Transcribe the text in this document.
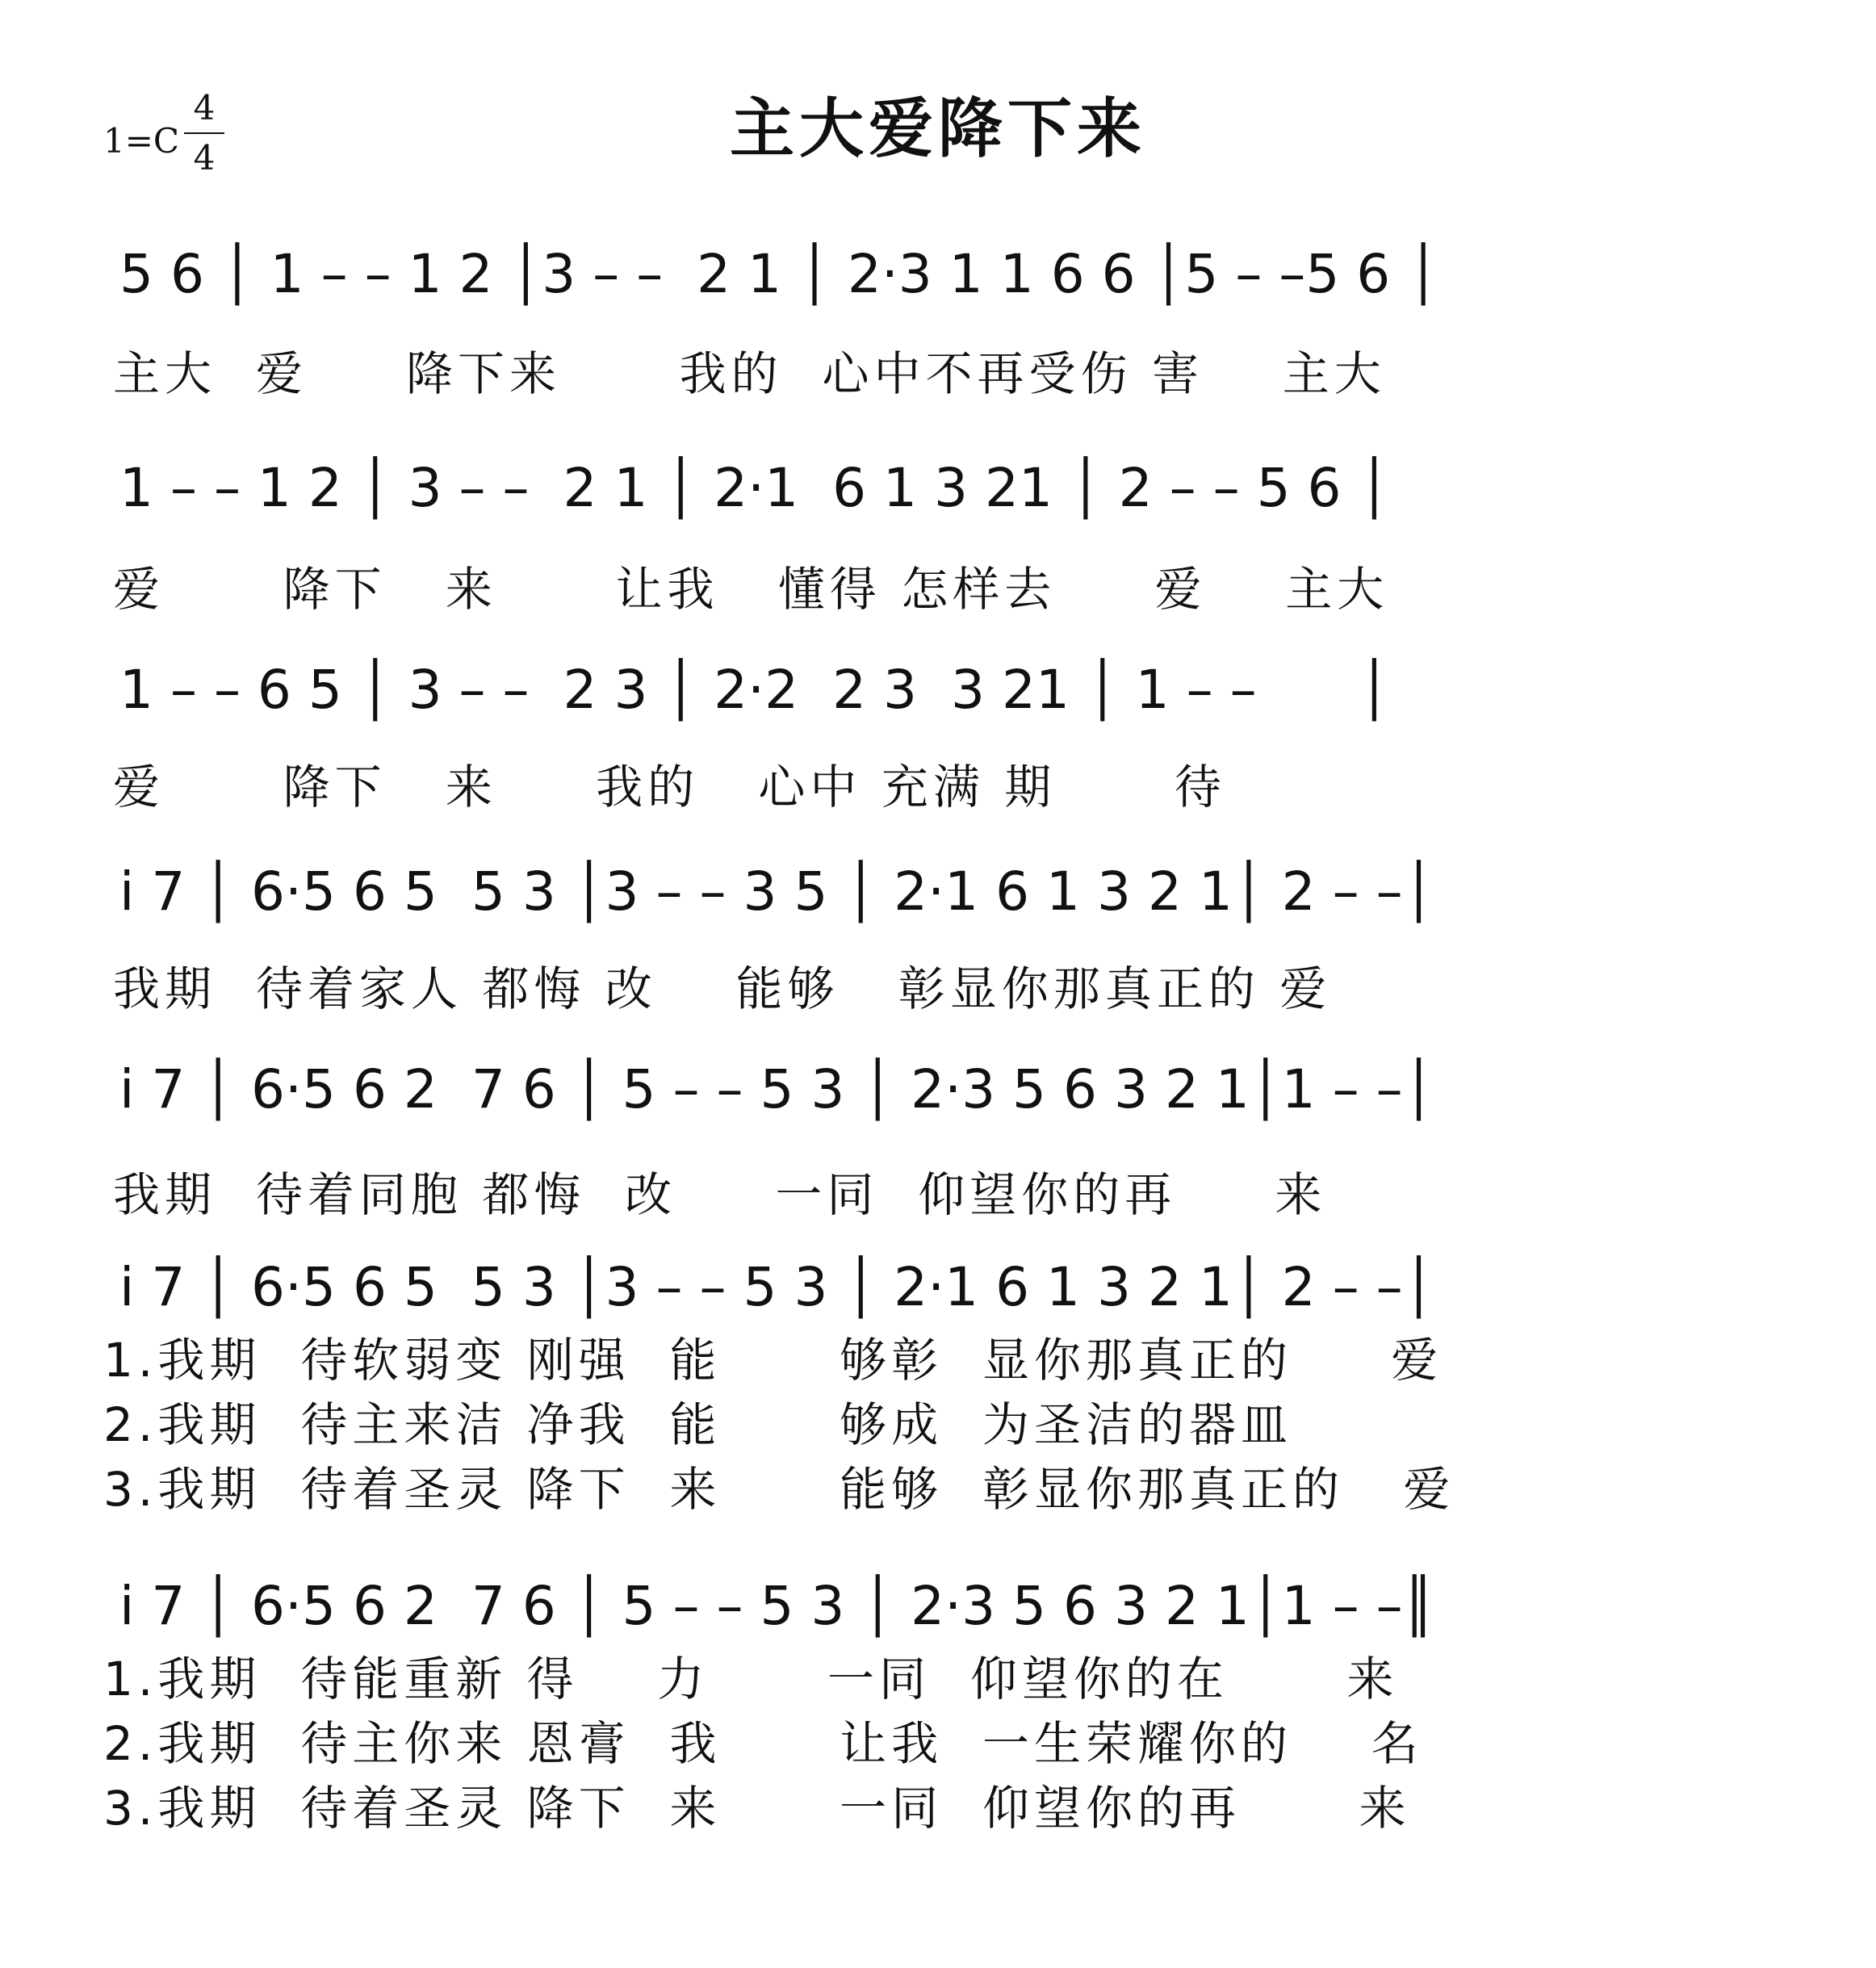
1=C
4
4	主大爱降下来
5 6 │ 1 – – 1 2 │3 – –  2 1 │ 2·3 1 1 6 6 │5 – –5 6 │
主大  爱     降下来      我的  心中不再受伤 害    主大
1 – – 1 2 │ 3 – –  2 1 │ 2·1  6 1 3 21 │ 2 – – 5 6 │
爱      降下   来      让我   懂得 怎样去     爱    主大
1 – – 6 5 │ 3 – –  2 3 │ 2·2  2 3  3 21 │ 1 – –      │
爱      降下   来     我的   心中 充满 期      待
i 7 │ 6·5 6 5  5 3 │3 – – 3 5 │ 2·1 6 1 3 2 1│ 2 – –│
我期  待着家人 都悔 改    能够   彰显你那真正的 爱
i 7 │ 6·5 6 2  7 6 │ 5 – – 5 3 │ 2·3 5 6 3 2 1│1 – –│
我期  待着同胞 都悔  改     一同  仰望你的再     来
i 7 │ 6·5 6 5  5 3 │3 – – 5 3 │ 2·1 6 1 3 2 1│ 2 – –│
1.我期  待软弱变 刚强  能      够彰  显你那真正的     爱
2.我期  待主来洁 净我  能      够成  为圣洁的器皿
3.我期  待着圣灵 降下  来      能够  彰显你那真正的   爱
i 7 │ 6·5 6 2  7 6 │ 5 – – 5 3 │ 2·3 5 6 3 2 1│1 – –║
1.我期  待能重新 得    力      一同  仰望你的在      来
2.我期  待主你来 恩膏  我      让我  一生荣耀你的    名
3.我期  待着圣灵 降下  来      一同  仰望你的再      来
